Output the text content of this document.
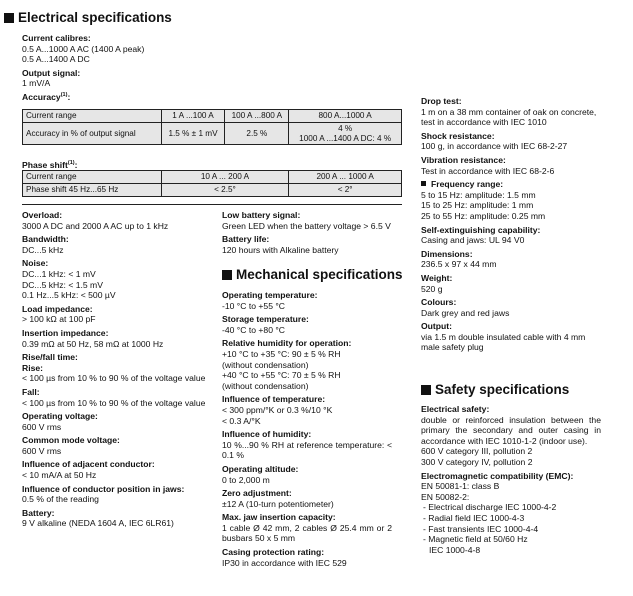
Electrical specifications
Current calibres:
0.5 A...1000 A AC (1400 A peak)
0.5 A...1400 A DC
Output signal:
1 mV/A
Accuracy$^{(1)}$:
Current range	1 A ...100 A	100 A ...800 A	800 A...1000 A
Accuracy in % of output signal	1.5 % ± 1 mV	2.5 %	4 %
1000 A ...1400 A DC: 4 %
Phase shift$^{(1)}$:
Current range	10 A ... 200 A	200 A ... 1000 A
Phase shift 45 Hz...65 Hz	< 2.5°	< 2°
Overload:
3000 A DC and 2000 A AC up to 1 kHz
Bandwidth:
DC...5 kHz
Noise:
DC...1 kHz: < 1 mV
DC...5 kHz: < 1.5 mV
0.1 Hz...5 kHz: < 500 µV
Load impedance:
> 100 kΩ at 100 pF
Insertion impedance:
0.39 mΩ at 50 Hz, 58 mΩ at 1000 Hz
Rise/fall time:
Rise:
< 100 µs from 10 % to 90 % of the voltage value
Fall:
< 100 µs from 10 % to 90 % of the voltage value
Operating voltage:
600 V rms
Common mode voltage:
600 V rms
Influence of adjacent conductor:
< 10 mA/A at 50 Hz
Influence of conductor position in jaws:
0.5 % of the reading
Battery:
9 V alkaline (NEDA 1604 A, IEC 6LR61)
Low battery signal:
Green LED when the battery voltage > 6.5 V
Battery life:
120 hours with Alkaline battery
Mechanical specifications
Operating temperature:
-10 °C to +55 °C
Storage temperature:
-40 °C to +80 °C
Relative humidity for operation:
+10 °C to +35 °C: 90 ± 5 % RH
(without condensation)
+40 °C to +55 °C: 70 ± 5 % RH
(without condensation)
Influence of temperature:
< 300 ppm/°K or 0.3 %/10 °K
< 0.3 A/°K
Influence of humidity:
10 %...90 % RH at reference temperature: < 0.1 %
Operating altitude:
0 to 2,000 m
Zero adjustment:
±12 A (10-turn potentiometer)
Max. jaw insertion capacity:
1 cable Ø 42 mm, 2 cables Ø 25.4 mm or 2 busbars 50 x 5 mm
Casing protection rating:
IP30 in accordance with IEC 529
Drop test:
1 m on a 38 mm container of oak on concrete, test in accordance with IEC 1010
Shock resistance:
100 g, in accordance with IEC 68-2-27
Vibration resistance:
Test in accordance with IEC 68-2-6
Frequency range:
5 to 15 Hz: amplitude: 1.5 mm
15 to 25 Hz: amplitude: 1 mm
25 to 55 Hz: amplitude: 0.25 mm
Self-extinguishing capability:
Casing and jaws: UL 94 V0
Dimensions:
236.5 x 97 x 44 mm
Weight:
520 g
Colours:
Dark grey and red jaws
Output:
via 1.5 m double insulated cable with 4 mm male safety plug
Safety specifications
Electrical safety:
double or reinforced insulation between the primary the secondary and outer casing in accordance with IEC 1010-1-2 (indoor use).
600 V category III, pollution 2
300 V category IV, pollution 2
Electromagnetic compatibility (EMC):
EN 50081-1: class B
EN 50082-2:
- Electrical discharge IEC 1000-4-2
- Radial field IEC 1000-4-3
- Fast transients IEC 1000-4-4
- Magnetic field at 50/60 Hz
IEC 1000-4-8
